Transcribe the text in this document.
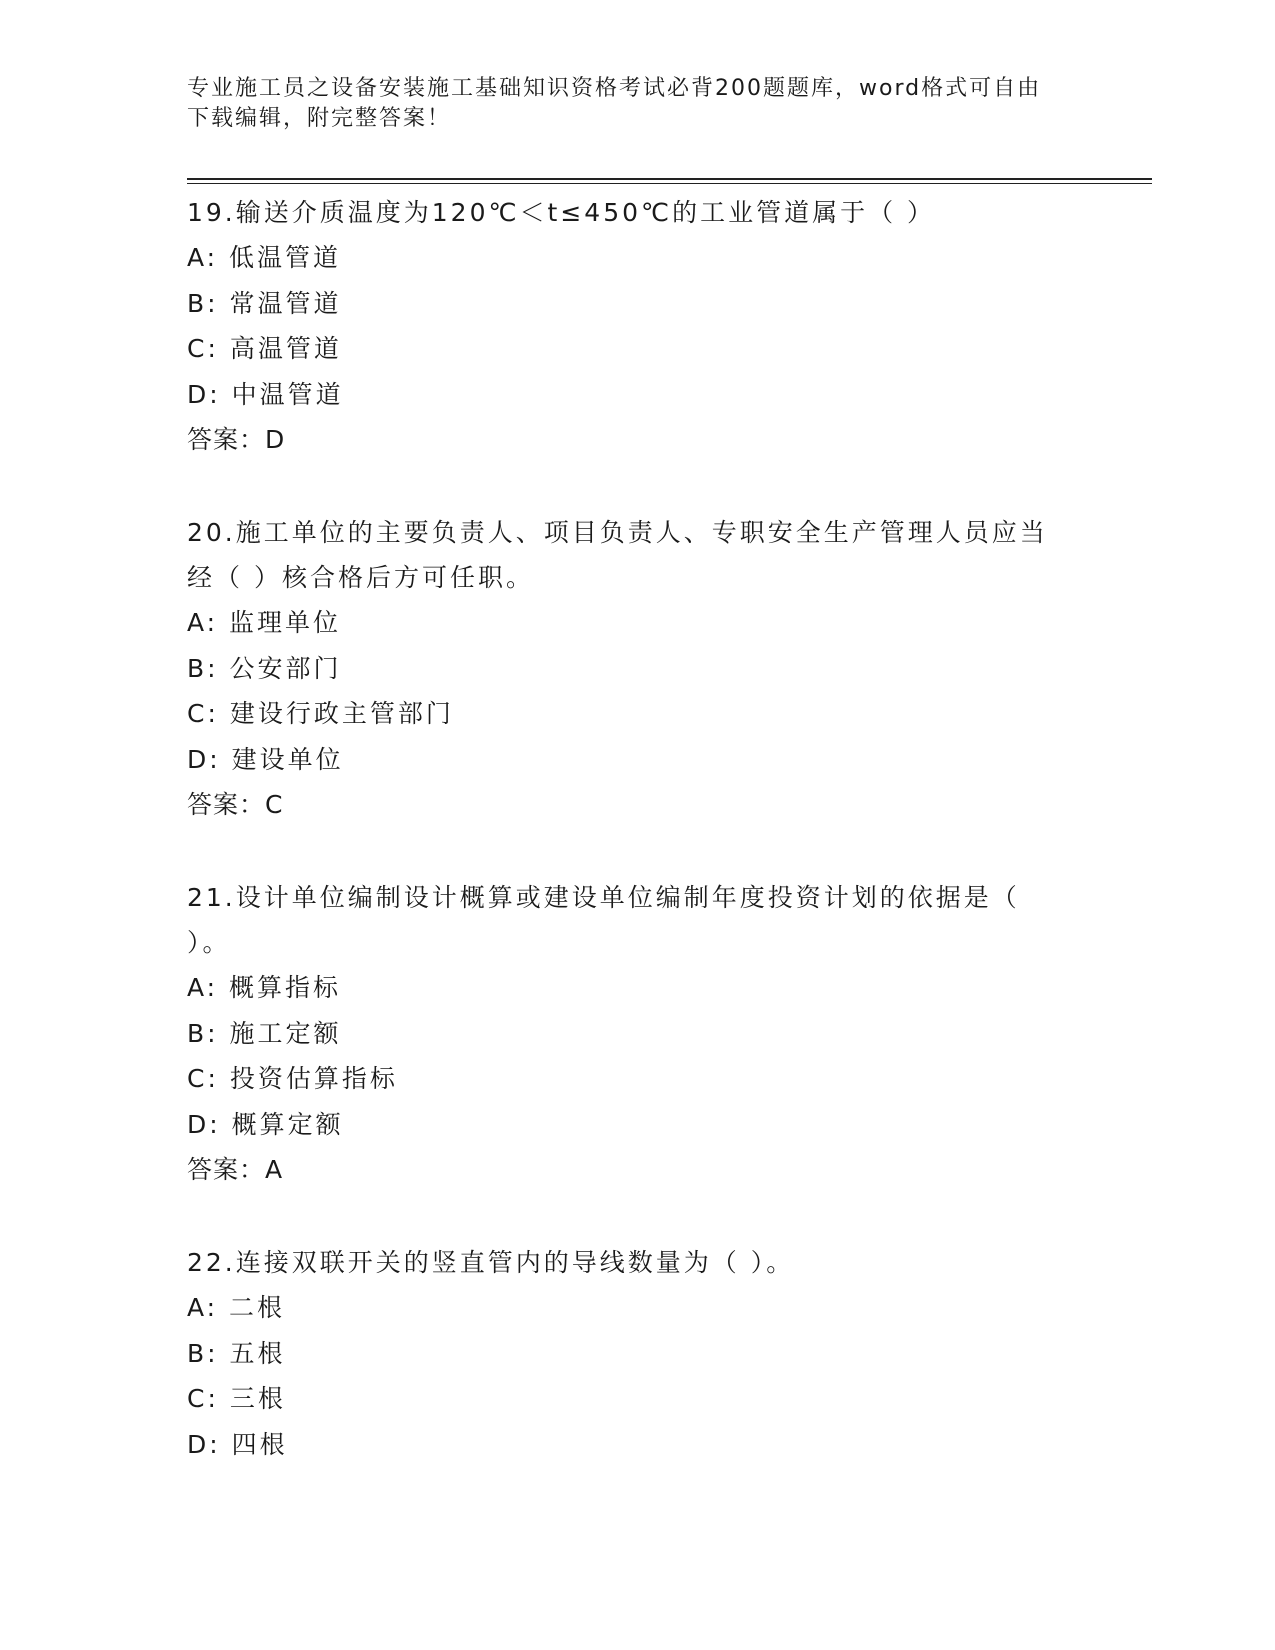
专业施工员之设备安装施工基础知识资格考试必背200题题库，word格式可自由
下载编辑，附完整答案！
19.输送介质温度为120℃＜t≤450℃的工业管道属于（ ）
A: 低温管道
B: 常温管道
C: 高温管道
D: 中温管道
答案：D
20.施工单位的主要负责人、项目负责人、专职安全生产管理人员应当
经（ ）核合格后方可任职。
A: 监理单位
B: 公安部门
C: 建设行政主管部门
D: 建设单位
答案：C
21.设计单位编制设计概算或建设单位编制年度投资计划的依据是（
）。
A: 概算指标
B: 施工定额
C: 投资估算指标
D: 概算定额
答案：A
22.连接双联开关的竖直管内的导线数量为（ ）。
A: 二根
B: 五根
C: 三根
D: 四根
